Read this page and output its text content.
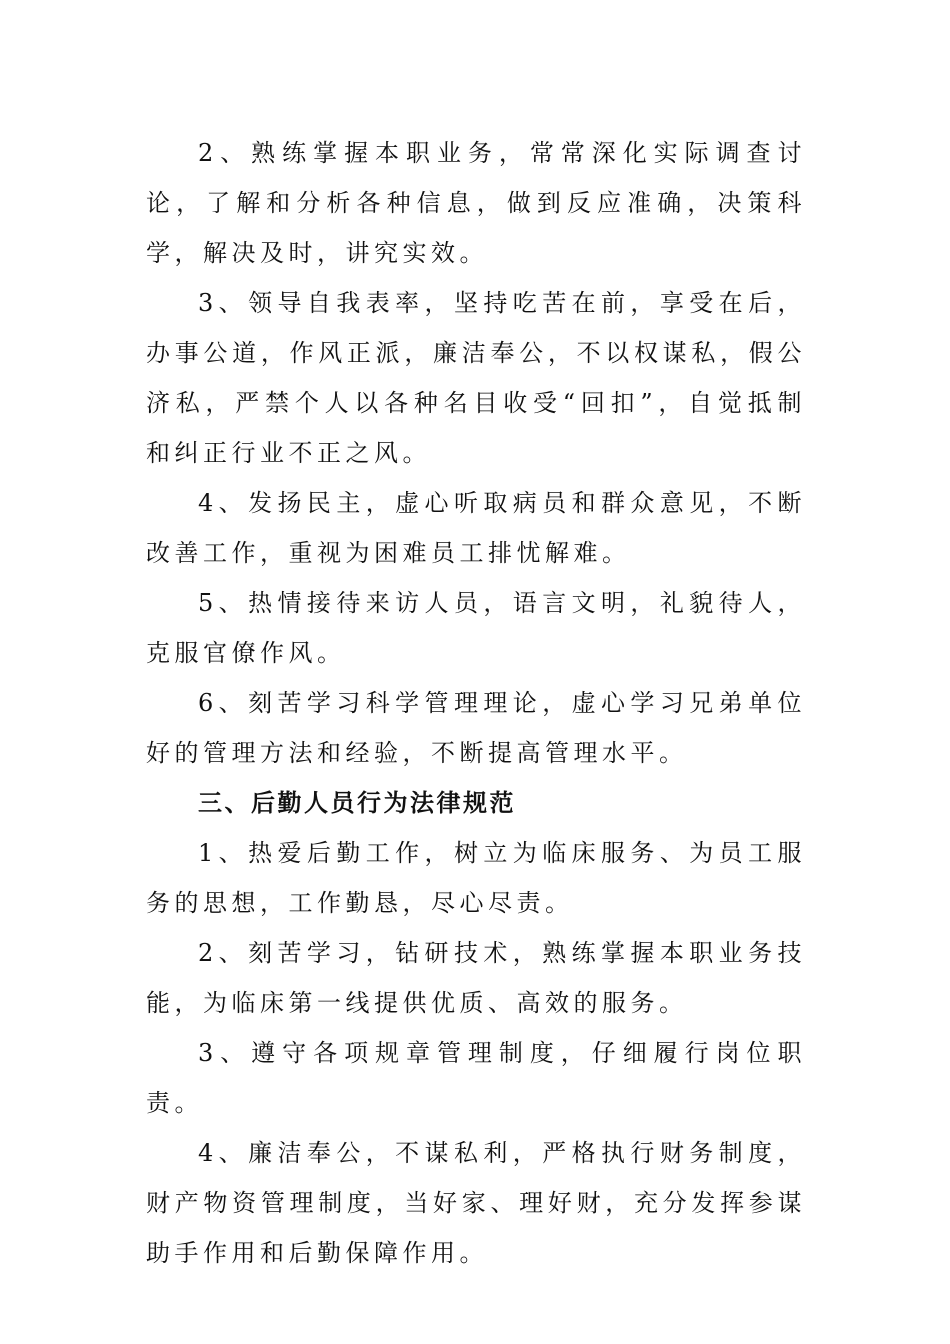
2、熟练掌握本职业务，常常深化实际调查讨论，了解和分析各种信息，做到反应准确，决策科学，解决及时，讲究实效。

3、领导自我表率，坚持吃苦在前，享受在后，办事公道，作风正派，廉洁奉公，不以权谋私，假公济私，严禁个人以各种名目收受“回扣”，自觉抵制和纠正行业不正之风。

4、发扬民主，虚心听取病员和群众意见，不断改善工作，重视为困难员工排忧解难。

5、热情接待来访人员，语言文明，礼貌待人，克服官僚作风。

6、刻苦学习科学管理理论，虚心学习兄弟单位好的管理方法和经验，不断提高管理水平。

三、后勤人员行为法律规范

1、热爱后勤工作，树立为临床服务、为员工服务的思想，工作勤恳，尽心尽责。

2、刻苦学习，钻研技术，熟练掌握本职业务技能，为临床第一线提供优质、高效的服务。

3、遵守各项规章管理制度，仔细履行岗位职责。

4、廉洁奉公，不谋私利，严格执行财务制度，财产物资管理制度，当好家、理好财，充分发挥参谋助手作用和后勤保障作用。
